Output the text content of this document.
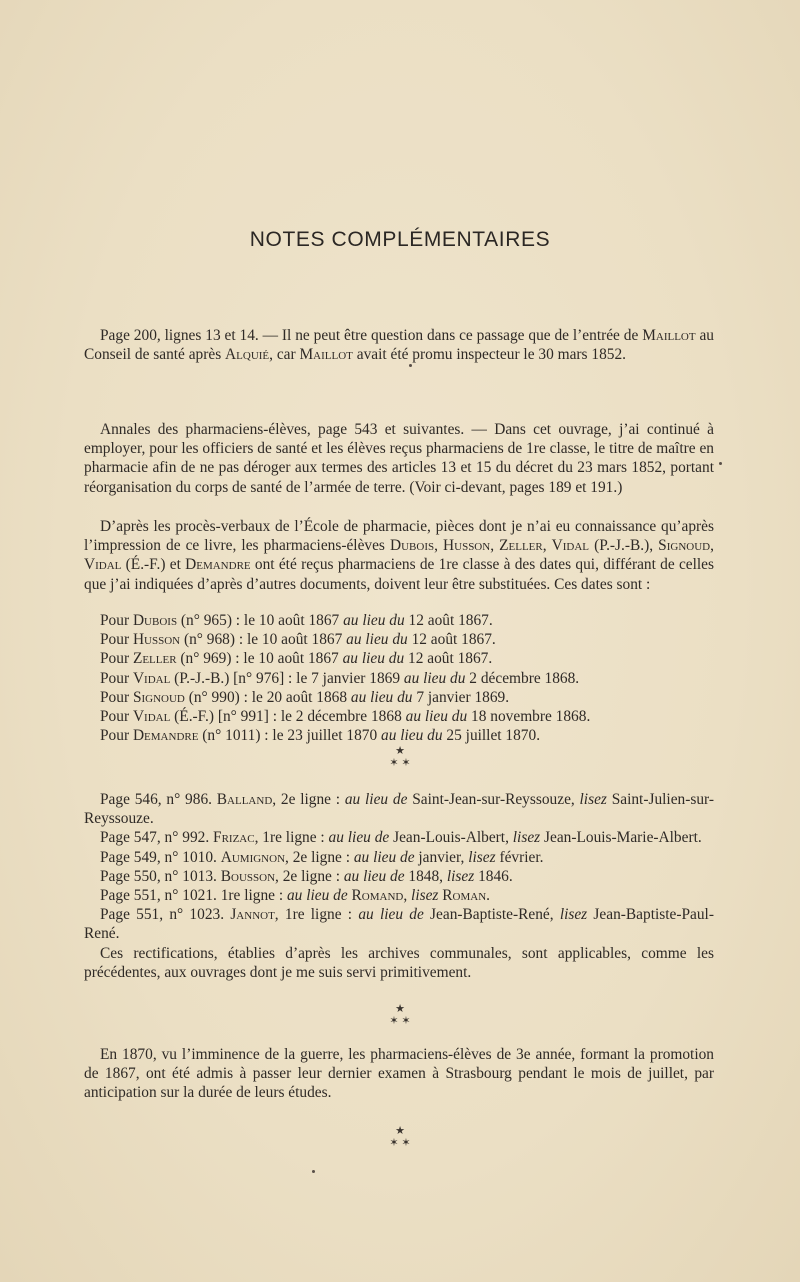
NOTES COMPLÉMENTAIRES

Page 200, lignes 13 et 14. — Il ne peut être question dans ce passage que de l’entrée de Maillot au Conseil de santé après Alquié, car Maillot avait été promu inspecteur le 30 mars 1852.

Annales des pharmaciens-élèves, page 543 et suivantes. — Dans cet ouvrage, j’ai continué à employer, pour les officiers de santé et les élèves reçus pharmaciens de 1re classe, le titre de maître en pharmacie afin de ne pas déroger aux termes des articles 13 et 15 du décret du 23 mars 1852, portant réorganisation du corps de santé de l’armée de terre. (Voir ci-devant, pages 189 et 191.)

D’après les procès-verbaux de l’École de pharmacie, pièces dont je n’ai eu connaissance qu’après l’impression de ce livre, les pharmaciens-élèves Dubois, Husson, Zeller, Vidal (P.-J.-B.), Signoud, Vidal (É.-F.) et Demandre ont été reçus pharmaciens de 1re classe à des dates qui, différant de celles que j’ai indiquées d’après d’autres documents, doivent leur être substituées. Ces dates sont :

Pour Dubois (n° 965) : le 10 août 1867 au lieu du 12 août 1867.
Pour Husson (n° 968) : le 10 août 1867 au lieu du 12 août 1867.
Pour Zeller (n° 969) : le 10 août 1867 au lieu du 12 août 1867.
Pour Vidal (P.-J.-B.) [n° 976] : le 7 janvier 1869 au lieu du 2 décembre 1868.
Pour Signoud (n° 990) : le 20 août 1868 au lieu du 7 janvier 1869.
Pour Vidal (É.-F.) [n° 991] : le 2 décembre 1868 au lieu du 18 novembre 1868.
Pour Demandre (n° 1011) : le 23 juillet 1870 au lieu du 25 juillet 1870.
★
✶ ✶

Page 546, n° 986. Balland, 2e ligne : au lieu de Saint-Jean-sur-Reyssouze, lisez Saint-Julien-sur-Reyssouze.

Page 547, n° 992. Frizac, 1re ligne : au lieu de Jean-Louis-Albert, lisez Jean-Louis-Marie-Albert.

Page 549, n° 1010. Aumignon, 2e ligne : au lieu de janvier, lisez février.

Page 550, n° 1013. Bousson, 2e ligne : au lieu de 1848, lisez 1846.

Page 551, n° 1021. 1re ligne : au lieu de Romand, lisez Roman.

Page 551, n° 1023. Jannot, 1re ligne : au lieu de Jean-Baptiste-René, lisez Jean-Baptiste-Paul-René.

Ces rectifications, établies d’après les archives communales, sont applicables, comme les précédentes, aux ouvrages dont je me suis servi primitivement.

★
✶ ✶

En 1870, vu l’imminence de la guerre, les pharmaciens-élèves de 3e année, formant la promotion de 1867, ont été admis à passer leur dernier examen à Strasbourg pendant le mois de juillet, par anticipation sur la durée de leurs études.

★
✶ ✶
